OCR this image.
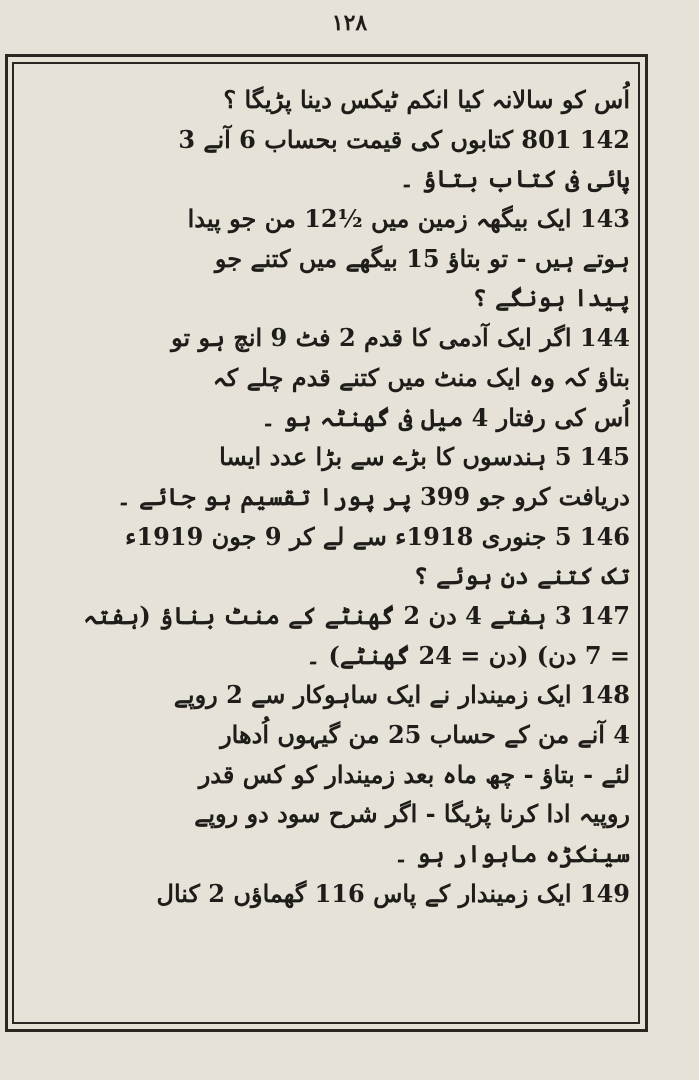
۱۲۸
اُس کو سالانہ کیا انکم ٹیکس دینا پڑیگا ؟
142 801 کتابوں کی قیمت بحساب 6 آنے 3
پائی فی کتاب بتاؤ ۔
143 ایک بیگھہ زمین میں ½12 من جو پیدا
ہوتے ہیں - تو بتاؤ 15 بیگھے میں کتنے جو
پیدا ہونگے ؟
144 اگر ایک آدمی کا قدم 2 فٹ 9 انچ ہو تو
بتاؤ کہ وہ ایک منٹ میں کتنے قدم چلے کہ
اُس کی رفتار 4 میل فی گھنٹہ ہو ۔
145 5 ہندسوں کا بڑے سے بڑا عدد ایسا
دریافت کرو جو 399 پر پورا تقسیم ہو جائے ۔
146 5 جنوری 1918ء سے لے کر 9 جون 1919ء
تک کتنے دن ہوئے ؟
147 3 ہفتے 4 دن 2 گھنٹے کے منٹ بناؤ (ہفتہ
= 7 دن) (دن = 24 گھنٹے) ۔
148 ایک زمیندار نے ایک ساہوکار سے 2 روپے
4 آنے من کے حساب 25 من گیہوں اُدھار
لئے - بتاؤ - چھ ماہ بعد زمیندار کو کس قدر
روپیہ ادا کرنا پڑیگا - اگر شرح سود دو روپے
سینکڑہ ماہوار ہو ۔
149 ایک زمیندار کے پاس 116 گھماؤں 2 کنال
